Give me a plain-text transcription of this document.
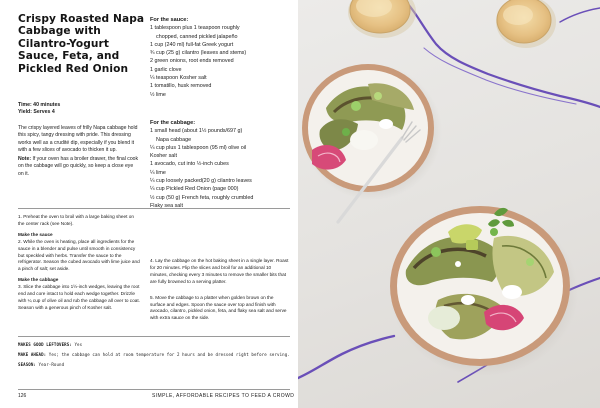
Crispy Roasted Napa Cabbage with Cilantro-Yogurt Sauce, Feta, and Pickled Red Onion
Time: 40 minutes
Yield: Serves 4

The crispy layered leaves of frilly Napa cabbage hold this spicy, tangy dressing with pride. This dressing works well as a crudité dip, especially if you blend it with a few slices of avocado to thicken it up.

Note: If your oven has a broiler drawer, the final cook on the cabbage will go quickly, so keep a close eye on it.

For the sauce:
1 tablespoon plus 1 teaspoon roughly
chopped, canned pickled jalapeño
1 cup (240 ml) full-fat Greek yogurt
¾ cup (25 g) cilantro (leaves and stems)
2 green onions, root ends removed
1 garlic clove
¼ teaspoon Kosher salt
1 tomatillo, husk removed
½ lime
For the cabbage:
1 small head (about 1½ pounds/697 g)
Napa cabbage
¼ cup plus 1 tablespoon (95 ml) olive oil
Kosher salt
1 avocado, cut into ½-inch cubes
¼ lime
¼ cup loosely packed(20 g) cilantro leaves
¼ cup Pickled Red Onion (page 000)
½ cup (50 g) French feta, roughly crumbled
Flaky sea salt

1. Preheat the oven to broil with a large baking sheet on the center rack (see Note).

Make the sauce

2. While the oven is heating, place all ingredients for the sauce in a blender and pulse until smooth in consistency but speckled with herbs. Transfer the sauce to the refrigerator. Season the cubed avocado with lime juice and a pinch of salt; set aside.

Make the cabbage

3. Slice the cabbage into 1½-inch wedges, leaving the root end and core intact to hold each wedge together. Drizzle with ¼ cup of olive oil and rub the cabbage all over to coat. Season with a generous pinch of Kosher salt.

4. Lay the cabbage on the hot baking sheet in a single layer. Roast for 20 minutes. Flip the slices and broil for an additional 10 minutes, checking every 3 minutes to remove the smaller bits that are fully browned to a serving platter.

5. Move the cabbage to a platter when golden brown on the surface and edges. Spoon the sauce over top and finish with avocado, cilantro, pickled onion, feta, and flaky sea salt and serve with extra sauce on the side.

MAKES GOOD LEFTOVERS: Yes
MAKE AHEAD: Yes; the cabbage can hold at room temperature for 2 hours and be dressed right before serving.
SEASON: Year-Round
126	SIMPLE, AFFORDABLE RECIPES TO FEED A CROWD
